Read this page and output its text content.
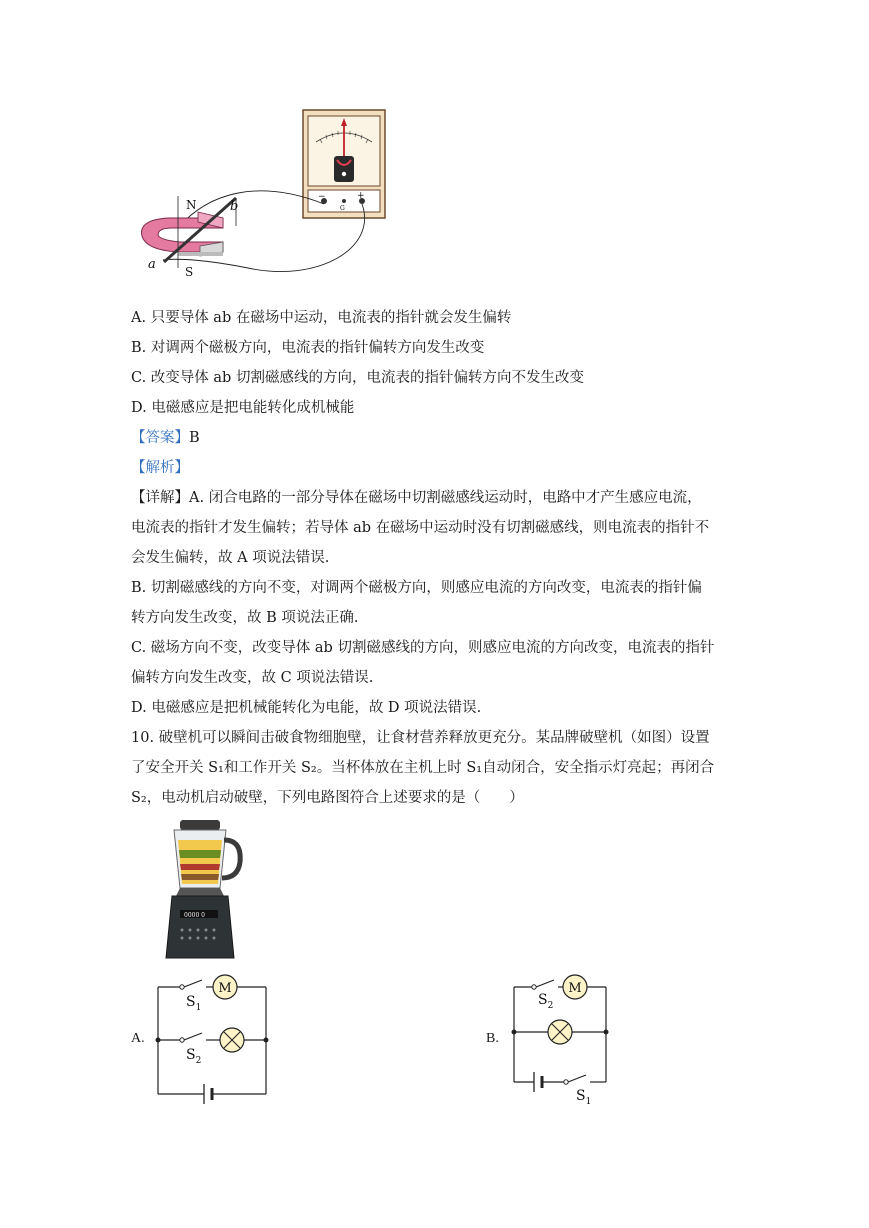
−	+
G
N
S
a
b
A. 只要导体 ab 在磁场中运动，电流表的指针就会发生偏转
B. 对调两个磁极方向，电流表的指针偏转方向发生改变
C. 改变导体 ab 切割磁感线的方向，电流表的指针偏转方向不发生改变
D. 电磁感应是把电能转化成机械能
【答案】B
【解析】
【详解】A. 闭合电路的一部分导体在磁场中切割磁感线运动时，电路中才产生感应电流，
电流表的指针才发生偏转；若导体 ab 在磁场中运动时没有切割磁感线，则电流表的指针不
会发生偏转，故 A 项说法错误.
B. 切割磁感线的方向不变，对调两个磁极方向，则感应电流的方向改变，电流表的指针偏
转方向发生改变，故 B 项说法正确.
C. 磁场方向不变，改变导体 ab 切割磁感线的方向，则感应电流的方向改变，电流表的指针
偏转方向发生改变，故 C 项说法错误.
D. 电磁感应是把机械能转化为电能，故 D 项说法错误.
10. 破壁机可以瞬间击破食物细胞壁，让食材营养释放更充分。某品牌破壁机（如图）设置
了安全开关 S₁和工作开关 S₂。当杯体放在主机上时 S₁自动闭合，安全指示灯亮起；再闭合
S₂，电动机启动破壁，下列电路图符合上述要求的是（　　）
0000 0
A.
M
$S_1$
$S_2$
B.
M
$S_2$
$S_1$
